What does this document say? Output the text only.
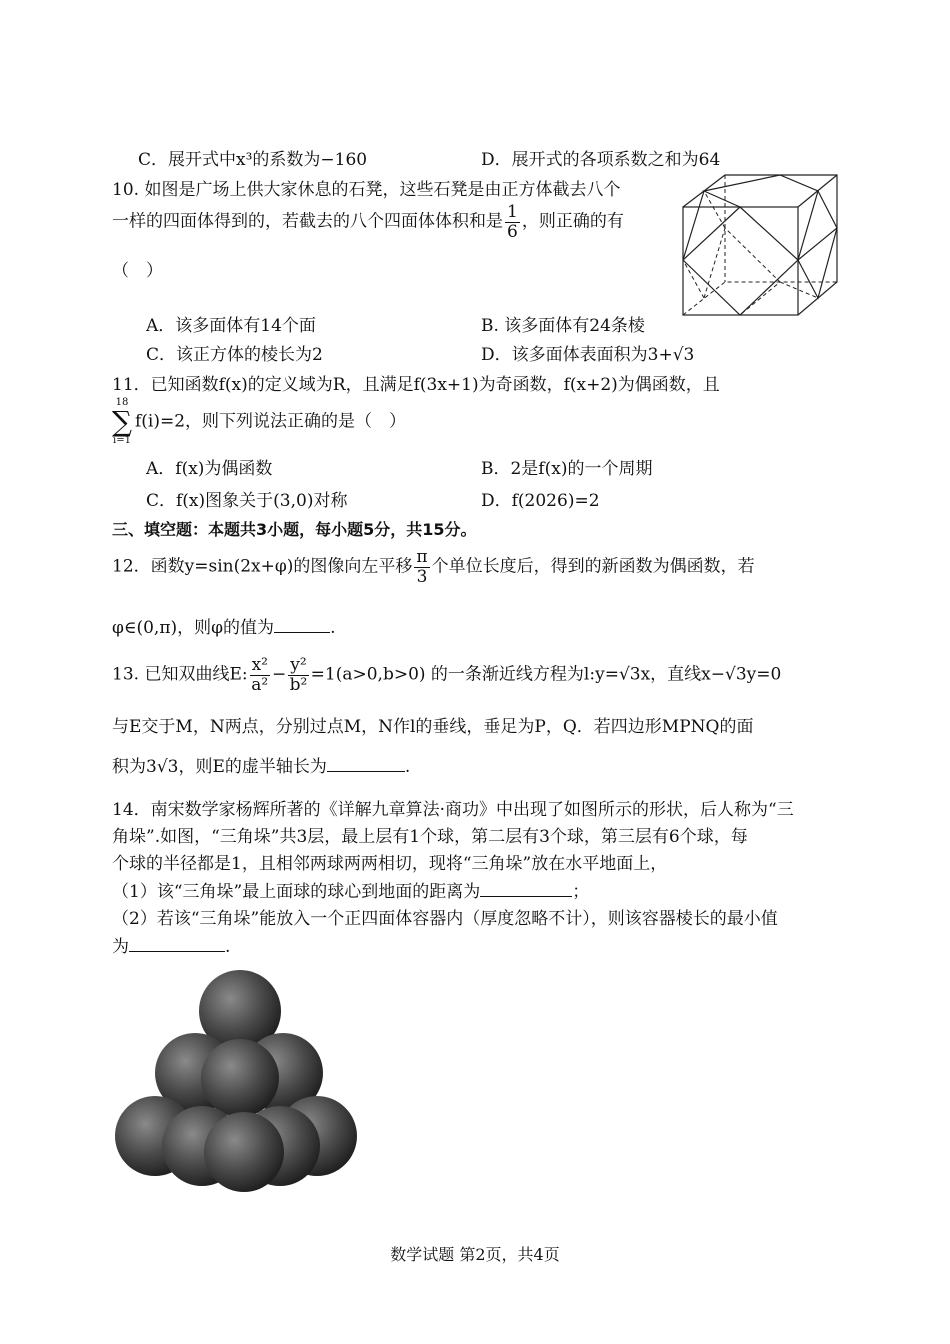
C．展开式中x³的系数为−160	D．展开式的各项系数之和为64
10. 如图是广场上供大家休息的石凳，这些石凳是由正方体截去八个
一样的四面体得到的，若截去的八个四面体体积和是 $\frac{1}{6}$ ，则正确的有
（　）
A．该多面体有14个面	B. 该多面体有24条棱
C．该正方体的棱长为2	D．该多面体表面积为3+√3
11．已知函数f(x)的定义域为R，且满足f(3x+1)为奇函数，f(x+2)为偶函数，且
18
∑
i=1
f(i)=2，则下列说法正确的是（　）
A．f(x)为偶函数	B．2是f(x)的一个周期
C．f(x)图象关于(3,0)对称	D．f(2026)=2
三、填空题：本题共3小题，每小题5分，共15分。
12．函数y=sin(2x+φ)的图像向左平移 $\frac{\pi}{3}$ 个单位长度后，得到的新函数为偶函数，若
φ∈(0,π)，则φ的值为	.
13. 已知双曲线E: $\frac{\text{x²}}{\text{a²}} - \frac{\text{y²}}{\text{b²}} =1(a>0,b>0)$ 的一条渐近线方程为l:y=√3x，直线x−√3y=0
与E交于M，N两点，分别过点M，N作l的垂线，垂足为P，Q．若四边形MPNQ的面
积为3√3，则E的虚半轴长为	.
14．南宋数学家杨辉所著的《详解九章算法·商功》中出现了如图所示的形状，后人称为“三
角垛”.如图，“三角垛”共3层，最上层有1个球，第二层有3个球，第三层有6个球，每
个球的半径都是1，且相邻两球两两相切，现将“三角垛”放在水平地面上，
（1）该“三角垛”最上面球的球心到地面的距离为	；
（2）若该“三角垛”能放入一个正四面体容器内（厚度忽略不计），则该容器棱长的最小值
为	.
数学试题 第2页，共4页
